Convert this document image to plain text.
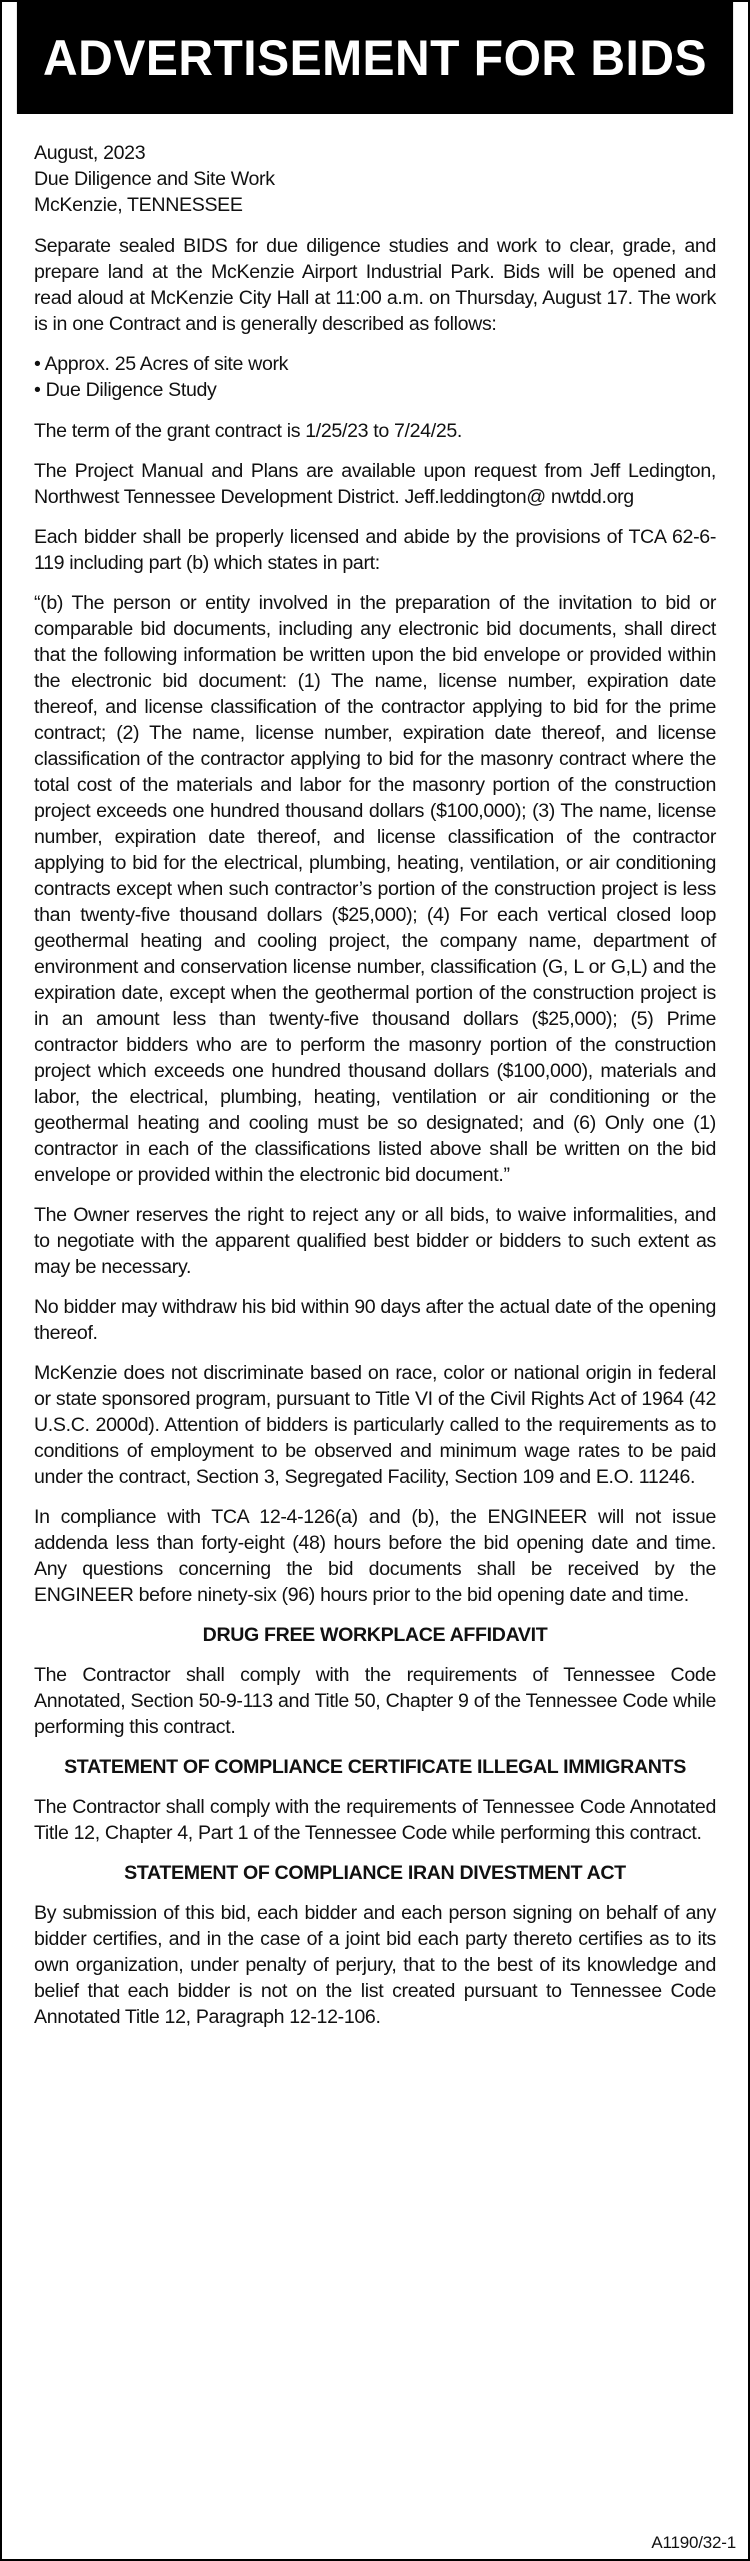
ADVERTISEMENT FOR BIDS

August, 2023

Due Diligence and Site Work

McKenzie, TENNESSEE

Separate sealed BIDS for due diligence studies and work to clear, grade, and prepare land at the McKenzie Airport Industrial Park. Bids will be opened and read aloud at McKenzie City Hall at 11:00 a.m. on Thursday, August 17. The work is in one Contract and is generally described as follows:

• Approx. 25 Acres of site work
• Due Diligence Study

The term of the grant contract is 1/25/23 to 7/24/25.

The Project Manual and Plans are available upon request from Jeff Ledington, Northwest Tennessee Development District. Jeff.leddington@ nwtdd.org

Each bidder shall be properly licensed and abide by the provisions of TCA 62-6-119 including part (b) which states in part:

“(b) The person or entity involved in the preparation of the invitation to bid or comparable bid documents, including any electronic bid documents, shall direct that the following information be written upon the bid envelope or provided within the electronic bid document: (1) The name, license number, expiration date thereof, and license classification of the contractor applying to bid for the prime contract; (2) The name, license number, expiration date thereof, and license classification of the contractor applying to bid for the masonry contract where the total cost of the materials and labor for the masonry portion of the construction project exceeds one hundred thousand dollars ($100,000); (3) The name, license number, expiration date thereof, and license classification of the contractor applying to bid for the electrical, plumbing, heating, ventilation, or air conditioning contracts except when such contractor’s portion of the construction project is less than twenty-five thousand dollars ($25,000); (4) For each vertical closed loop geothermal heating and cooling project, the company name, department of environment and conservation license number, classification (G, L or G,L) and the expiration date, except when the geothermal portion of the construction project is in an amount less than twenty-five thousand dollars ($25,000); (5) Prime contractor bidders who are to perform the masonry portion of the construction project which exceeds one hundred thousand dollars ($100,000), materials and labor, the electrical, plumbing, heating, ventilation or air conditioning or the geothermal heating and cooling must be so designated; and (6) Only one (1) contractor in each of the classifications listed above shall be written on the bid envelope or provided within the electronic bid document.”

The Owner reserves the right to reject any or all bids, to waive informalities, and to negotiate with the apparent qualified best bidder or bidders to such extent as may be necessary.

No bidder may withdraw his bid within 90 days after the actual date of the opening thereof.

McKenzie does not discriminate based on race, color or national origin in federal or state sponsored program, pursuant to Title VI of the Civil Rights Act of 1964 (42 U.S.C. 2000d). Attention of bidders is particularly called to the requirements as to conditions of employment to be observed and minimum wage rates to be paid under the contract, Section 3, Segregated Facility, Section 109 and E.O. 11246.

In compliance with TCA 12-4-126(a) and (b), the ENGINEER will not issue addenda less than forty-eight (48) hours before the bid opening date and time. Any questions concerning the bid documents shall be received by the ENGINEER before ninety-six (96) hours prior to the bid opening date and time.

DRUG FREE WORKPLACE AFFIDAVIT

The Contractor shall comply with the requirements of Tennessee Code Annotated, Section 50-9-113 and Title 50, Chapter 9 of the Tennessee Code while performing this contract.

STATEMENT OF COMPLIANCE CERTIFICATE ILLEGAL IMMIGRANTS

The Contractor shall comply with the requirements of Tennessee Code Annotated Title 12, Chapter 4, Part 1 of the Tennessee Code while performing this contract.

STATEMENT OF COMPLIANCE IRAN DIVESTMENT ACT

By submission of this bid, each bidder and each person signing on behalf of any bidder certifies, and in the case of a joint bid each party thereto certifies as to its own organization, under penalty of perjury, that to the best of its knowledge and belief that each bidder is not on the list created pursuant to Tennessee Code Annotated Title 12, Paragraph 12-12-106.

A1190/32-1
